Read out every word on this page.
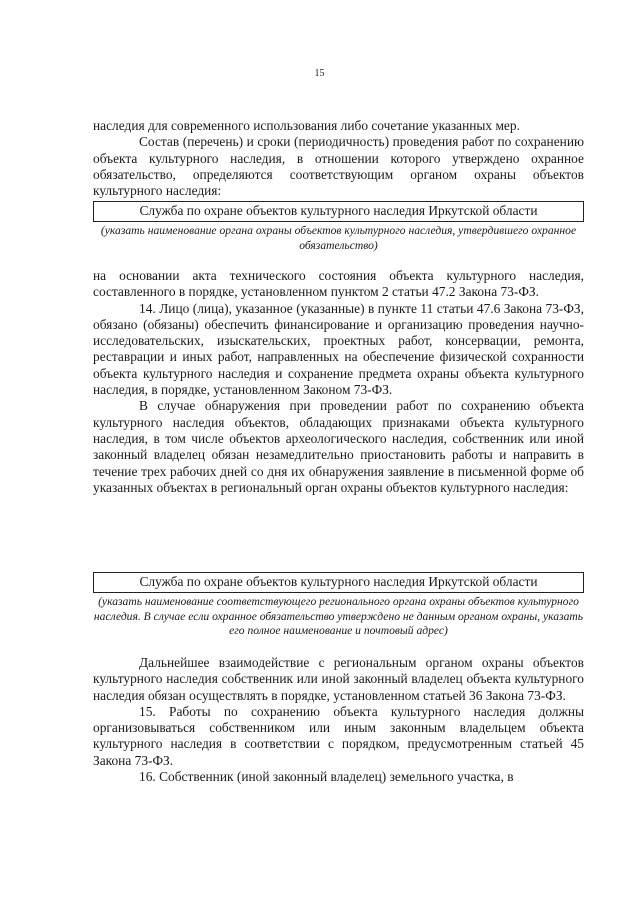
15

наследия для современного использования либо сочетание указанных мер.

Состав (перечень) и сроки (периодичность) проведения работ по сохранению объекта культурного наследия, в отношении которого утверждено охранное обязательство, определяются соответствующим органом охраны объектов культурного наследия:

Служба по охране объектов культурного наследия Иркутской области

(указать наименование органа охраны объектов культурного наследия, утвердившего охранное обязательство)

на основании акта технического состояния объекта культурного наследия, составленного в порядке, установленном пунктом 2 статьи 47.2 Закона 73-ФЗ.

14. Лицо (лица), указанное (указанные) в пункте 11 статьи 47.6 Закона 73-ФЗ, обязано (обязаны) обеспечить финансирование и организацию проведения научно-исследовательских, изыскательских, проектных работ, консервации, ремонта, реставрации и иных работ, направленных на обеспечение физической сохранности объекта культурного наследия и сохранение предмета охраны объекта культурного наследия, в порядке, установленном Законом 73-ФЗ.

В случае обнаружения при проведении работ по сохранению объекта культурного наследия объектов, обладающих признаками объекта культурного наследия, в том числе объектов археологического наследия, собственник или иной законный владелец обязан незамедлительно приостановить работы и направить в течение трех рабочих дней со дня их обнаружения заявление в письменной форме об указанных объектах в региональный орган охраны объектов культурного наследия:

Служба по охране объектов культурного наследия Иркутской области

(указать наименование соответствующего регионального органа охраны объектов культурного наследия. В случае если охранное обязательство утверждено не данным органом охраны, указать его полное наименование и почтовый адрес)

Дальнейшее взаимодействие с региональным органом охраны объектов культурного наследия собственник или иной законный владелец объекта культурного наследия обязан осуществлять в порядке, установленном статьей 36 Закона 73-ФЗ.

15. Работы по сохранению объекта культурного наследия должны организовываться собственником или иным законным владельцем объекта культурного наследия в соответствии с порядком, предусмотренным статьей 45 Закона 73-ФЗ.

16. Собственник (иной законный владелец) земельного участка, в
